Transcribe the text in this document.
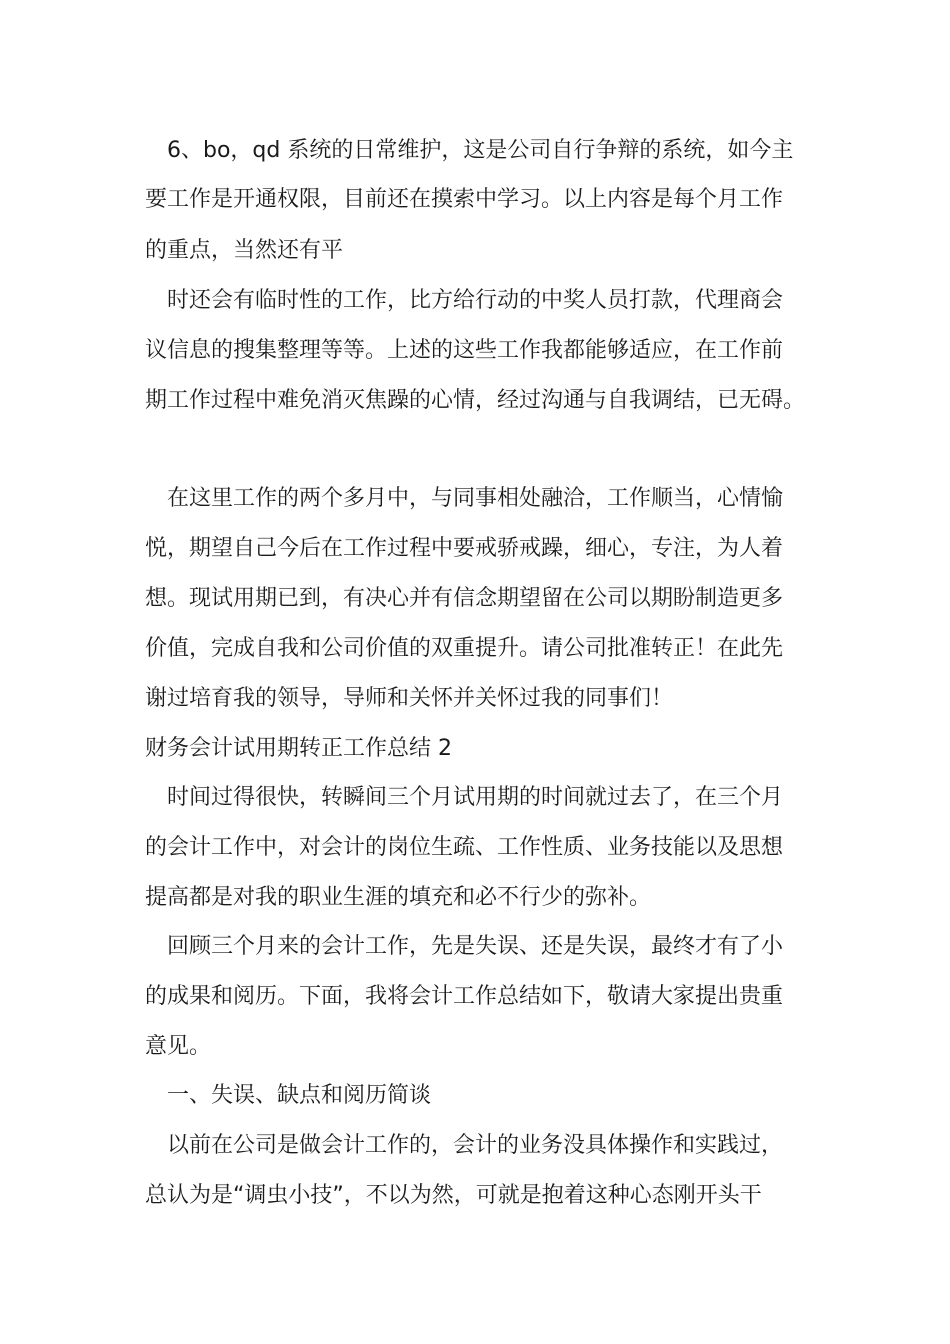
6、bo，qd 系统的日常维护，这是公司自行争辩的系统，如今主
要工作是开通权限，目前还在摸索中学习。以上内容是每个月工作
的重点，当然还有平
时还会有临时性的工作，比方给行动的中奖人员打款，代理商会
议信息的搜集整理等等。上述的这些工作我都能够适应，在工作前
期工作过程中难免消灭焦躁的心情，经过沟通与自我调结，已无碍。
在这里工作的两个多月中，与同事相处融洽，工作顺当，心情愉
悦，期望自己今后在工作过程中要戒骄戒躁，细心，专注，为人着
想。现试用期已到，有决心并有信念期望留在公司以期盼制造更多
价值，完成自我和公司价值的双重提升。请公司批准转正！在此先
谢过培育我的领导，导师和关怀并关怀过我的同事们！
财务会计试用期转正工作总结 2
时间过得很快，转瞬间三个月试用期的时间就过去了，在三个月
的会计工作中，对会计的岗位生疏、工作性质、业务技能以及思想
提高都是对我的职业生涯的填充和必不行少的弥补。
回顾三个月来的会计工作，先是失误、还是失误，最终才有了小
的成果和阅历。下面，我将会计工作总结如下，敬请大家提出贵重
意见。
一、失误、缺点和阅历简谈
以前在公司是做会计工作的，会计的业务没具体操作和实践过，
总认为是“调虫小技”，不以为然，可就是抱着这种心态刚开头干
